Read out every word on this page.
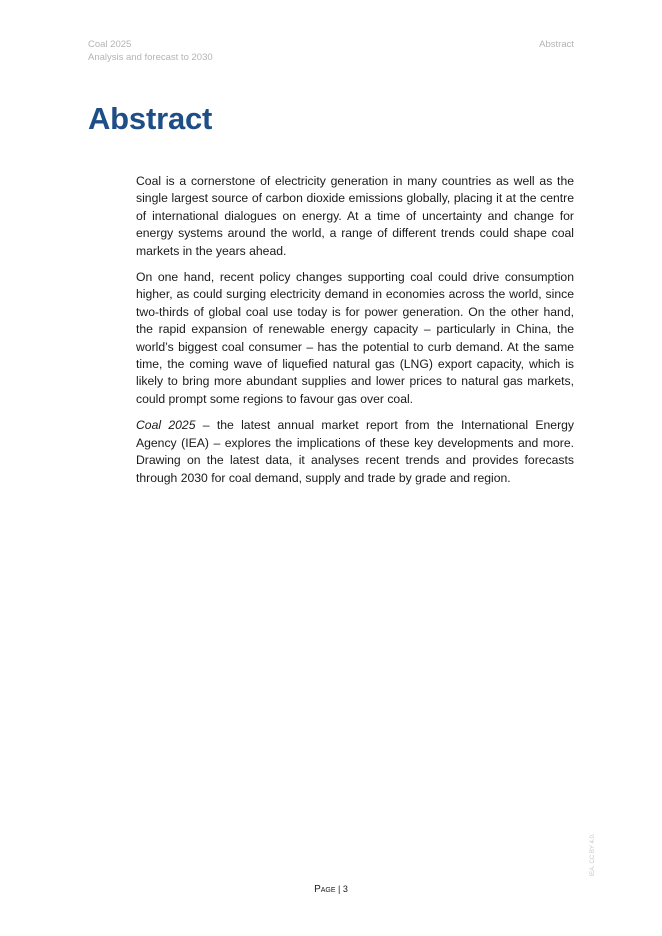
Coal 2025
Analysis and forecast to 2030
Abstract
Abstract

Coal is a cornerstone of electricity generation in many countries as well as the single largest source of carbon dioxide emissions globally, placing it at the centre of international dialogues on energy. At a time of uncertainty and change for energy systems around the world, a range of different trends could shape coal markets in the years ahead.

On one hand, recent policy changes supporting coal could drive consumption higher, as could surging electricity demand in economies across the world, since two-thirds of global coal use today is for power generation. On the other hand, the rapid expansion of renewable energy capacity – particularly in China, the world’s biggest coal consumer – has the potential to curb demand. At the same time, the coming wave of liquefied natural gas (LNG) export capacity, which is likely to bring more abundant supplies and lower prices to natural gas markets, could prompt some regions to favour gas over coal.

Coal 2025 – the latest annual market report from the International Energy Agency (IEA) – explores the implications of these key developments and more. Drawing on the latest data, it analyses recent trends and provides forecasts through 2030 for coal demand, supply and trade by grade and region.

Page | 3
IEA. CC BY 4.0.
